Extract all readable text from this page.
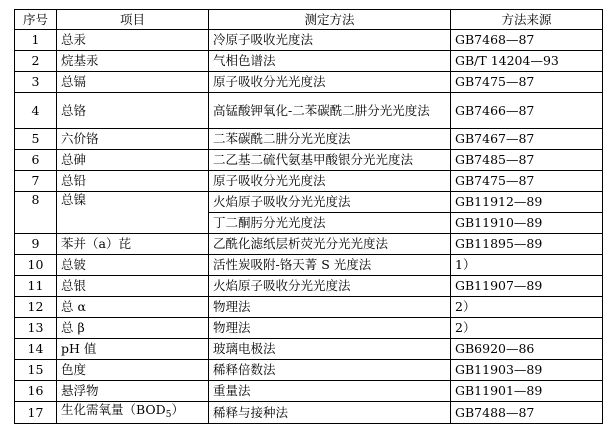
序号	项目	测定方法	方法来源
1	总汞	冷原子吸收光度法	GB7468—87
2	烷基汞	气相色谱法	GB/T 14204—93
3	总镉	原子吸收分光光度法	GB7475—87
4	总铬	高锰酸钾氧化-二苯碳酰二肼分光光度法	GB7466—87
5	六价铬	二苯碳酰二肼分光光度法	GB7467—87
6	总砷	二乙基二硫代氨基甲酸银分光光度法	GB7485—87
7	总铅	原子吸收分光光度法	GB7475—87
8	总镍	火焰原子吸收分光光度法	GB11912—89
		丁二酮肟分光光度法	GB11910—89
9	苯并（a）芘	乙酰化滤纸层析荧光分光光度法	GB11895—89
10	总铍	活性炭吸附-铬天菁 S 光度法	1）
11	总银	火焰原子吸收分光光度法	GB11907—89
12	总 α	物理法	2）
13	总 β	物理法	2）
14	pH 值	玻璃电极法	GB6920—86
15	色度	稀释倍数法	GB11903—89
16	悬浮物	重量法	GB11901—89
17	生化需氧量$(BOD_5)$	稀释与接种法	GB7488—87
